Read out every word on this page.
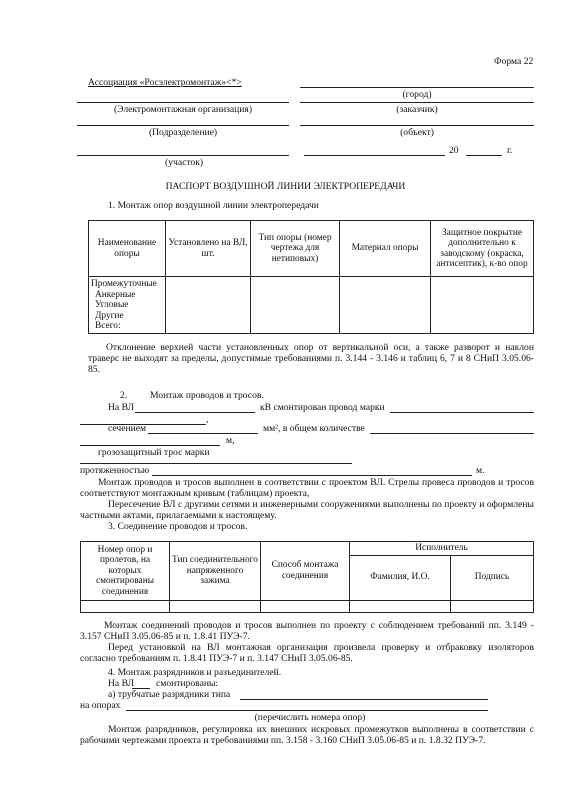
Форма 22
Ассоциация «Росэлектромонтаж»<*>
(город)
(Электромонтажная организация)	(заказчик)
(Подразделение)	(объект)
20	г.
(участок)
ПАСПОРТ ВОЗДУШНОЙ ЛИНИИ ЭЛЕКТРОПЕРЕДАЧИ
1. Монтаж опор воздушной линии электропередачи
Наименование опоры	Установлено на ВЛ, шт.	Тип опоры (номер чертежа для нетиповых)	Материал опоры	Защитное покрытие дополнительно к заводскому (окраска, антисептик), к-во опор

Промежуточные
Анкерные
Угловые
Другие
Всего:				

Отклонение верхней части установленных опор от вертикальной оси, а также разворот и наклон траверс не выходят за пределы, допустимые требованиями п. 3.144 - 3.146 и таблиц 6, 7 и 8 СНиП 3.05.06-85.
2. Монтаж проводов и тросов.
На ВЛ	кВ смонтирован провод марки
,
сечением	мм², в общем количестве
м,
грозозащитный трос марки
протяженностью	м.
Монтаж проводов и тросов выполнен в соответствии с проектом ВЛ. Стрелы провеса проводов и тросов соответствуют монтажным кривым (таблицам) проекта,
Пересечение ВЛ с другими сетями и инженерными сооружениями выполнены по проекту и оформлены частными актами, прилагаемыми к настоящему.
3. Соединение проводов и тросов.
Номер опор и пролетов, на которых смонтированы соединения	Тип соединительного напряженного зажима	Способ монтажа соединения	Исполнитель	
			Фамилия, И.О.	Подпись

Монтаж соединений проводов и тросов выполнен по проекту с соблюдением требований пп. 3.149 - 3.157 СНиП 3.05.06-85 и п. 1.8.41 ПУЭ-7.
Перед установкой на ВЛ монтажная организация произвела проверку и отбраковку изоляторов согласно требованиям п. 1.8.41 ПУЭ-7 и п. 3.147 СНиП 3.05.06-85.
4. Монтаж разрядников и разъединителей.
На ВЛ смонтированы:
а) трубчатые разрядники типа
на опорах
(перечислить номера опор)
Монтаж разрядников, регулировка их внешних искровых промежутков выполнены в соответствии с рабочими чертежами проекта и требованиями пп. 3.158 - 3.160 СНиП 3.05.06-85 и п. 1.8.32 ПУЭ-7.
